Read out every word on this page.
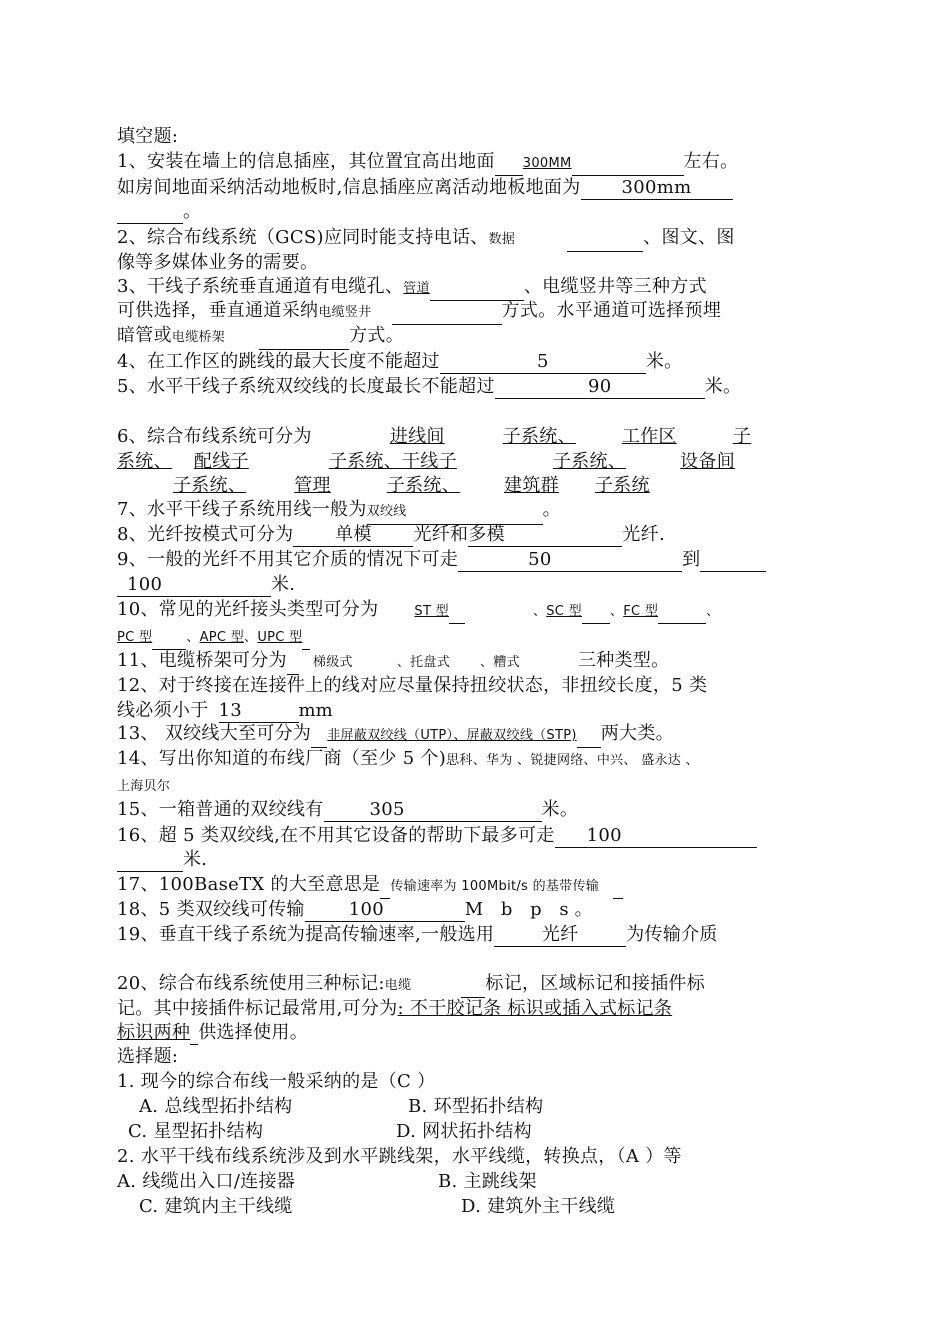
填空题:
1、安装在墙上的信息插座，其位置宜高出地面 300MM	左右。
如房间地面采纳活动地板时,信息插座应离活动地板地面为 300mm
。
2、综合布线系统（GCS)应同时能支持电话、数据	、图文、图
像等多媒体业务的需要。
3、干线子系统垂直通道有电缆孔、管道	、电缆竖井等三种方式
可供选择，垂直通道采纳电缆竖井	方式。水平通道可选择预埋
暗管或电缆桥架	方式。
4、在工作区的跳线的最大长度不能超过	5	米。
5、水平干线子系统双绞线的长度最长不能超过	90	米。
6、综合布线系统可分为	进线间	子系统、	工作区	子
系统、 配线子	子系统、干线子	子系统、	设备间
子系统、	管理	子系统、 建筑群 子系统
7、水平干线子系统用线一般为双绞线	。
8、光纤按模式可分为 单模 光纤和多模	光纤.
9、一般的光纤不用其它介质的情况下可走	50	到
100	米.
10、常见的光纤接头类型可分为	ST 型	、SC 型 、FC 型	、
PC 型	、APC 型、UPC 型
11、电缆桥架可分为 梯级式	、托盘式 、糟式	三种类型。
12、对于终接在连接件上的线对应尽量保持扭绞状态，非扭绞长度，5 类
线必须小于 13	mm
13、 双绞线大至可分为 非屏蔽双绞线（UTP）、屏蔽双绞线（STP) 两大类。
14、写出你知道的布线厂商（至少 5 个)思科、华为 、锐捷网络、中兴、 盛永达 、
上海贝尔
15、一箱普通的双绞线有	305	米。
16、超 5 类双绞线,在不用其它设备的帮助下最多可走 100
米.
17、100BaseTX 的大至意思是 传输速率为 100Mbit/s 的基带传输
18、5 类双绞线可传输 100	M b p s。
19、垂直干线子系统为提高传输速率,一般选用	光纤	为传输介质
20、综合布线系统使用三种标记:电缆	标记，区域标记和接插件标
记。其中接插件标记最常用,可分为: 不干胶记条 标识或插入式标记条
标识两种 供选择使用。
选择题:
1. 现今的综合布线一般采纳的是（C ）
A. 总线型拓扑结构	B. 环型拓扑结构
C. 星型拓扑结构	D. 网状拓扑结构
2. 水平干线布线系统涉及到水平跳线架，水平线缆，转换点，（A ）等
A. 线缆出入口/连接器	B. 主跳线架
C. 建筑内主干线缆	D. 建筑外主干线缆
